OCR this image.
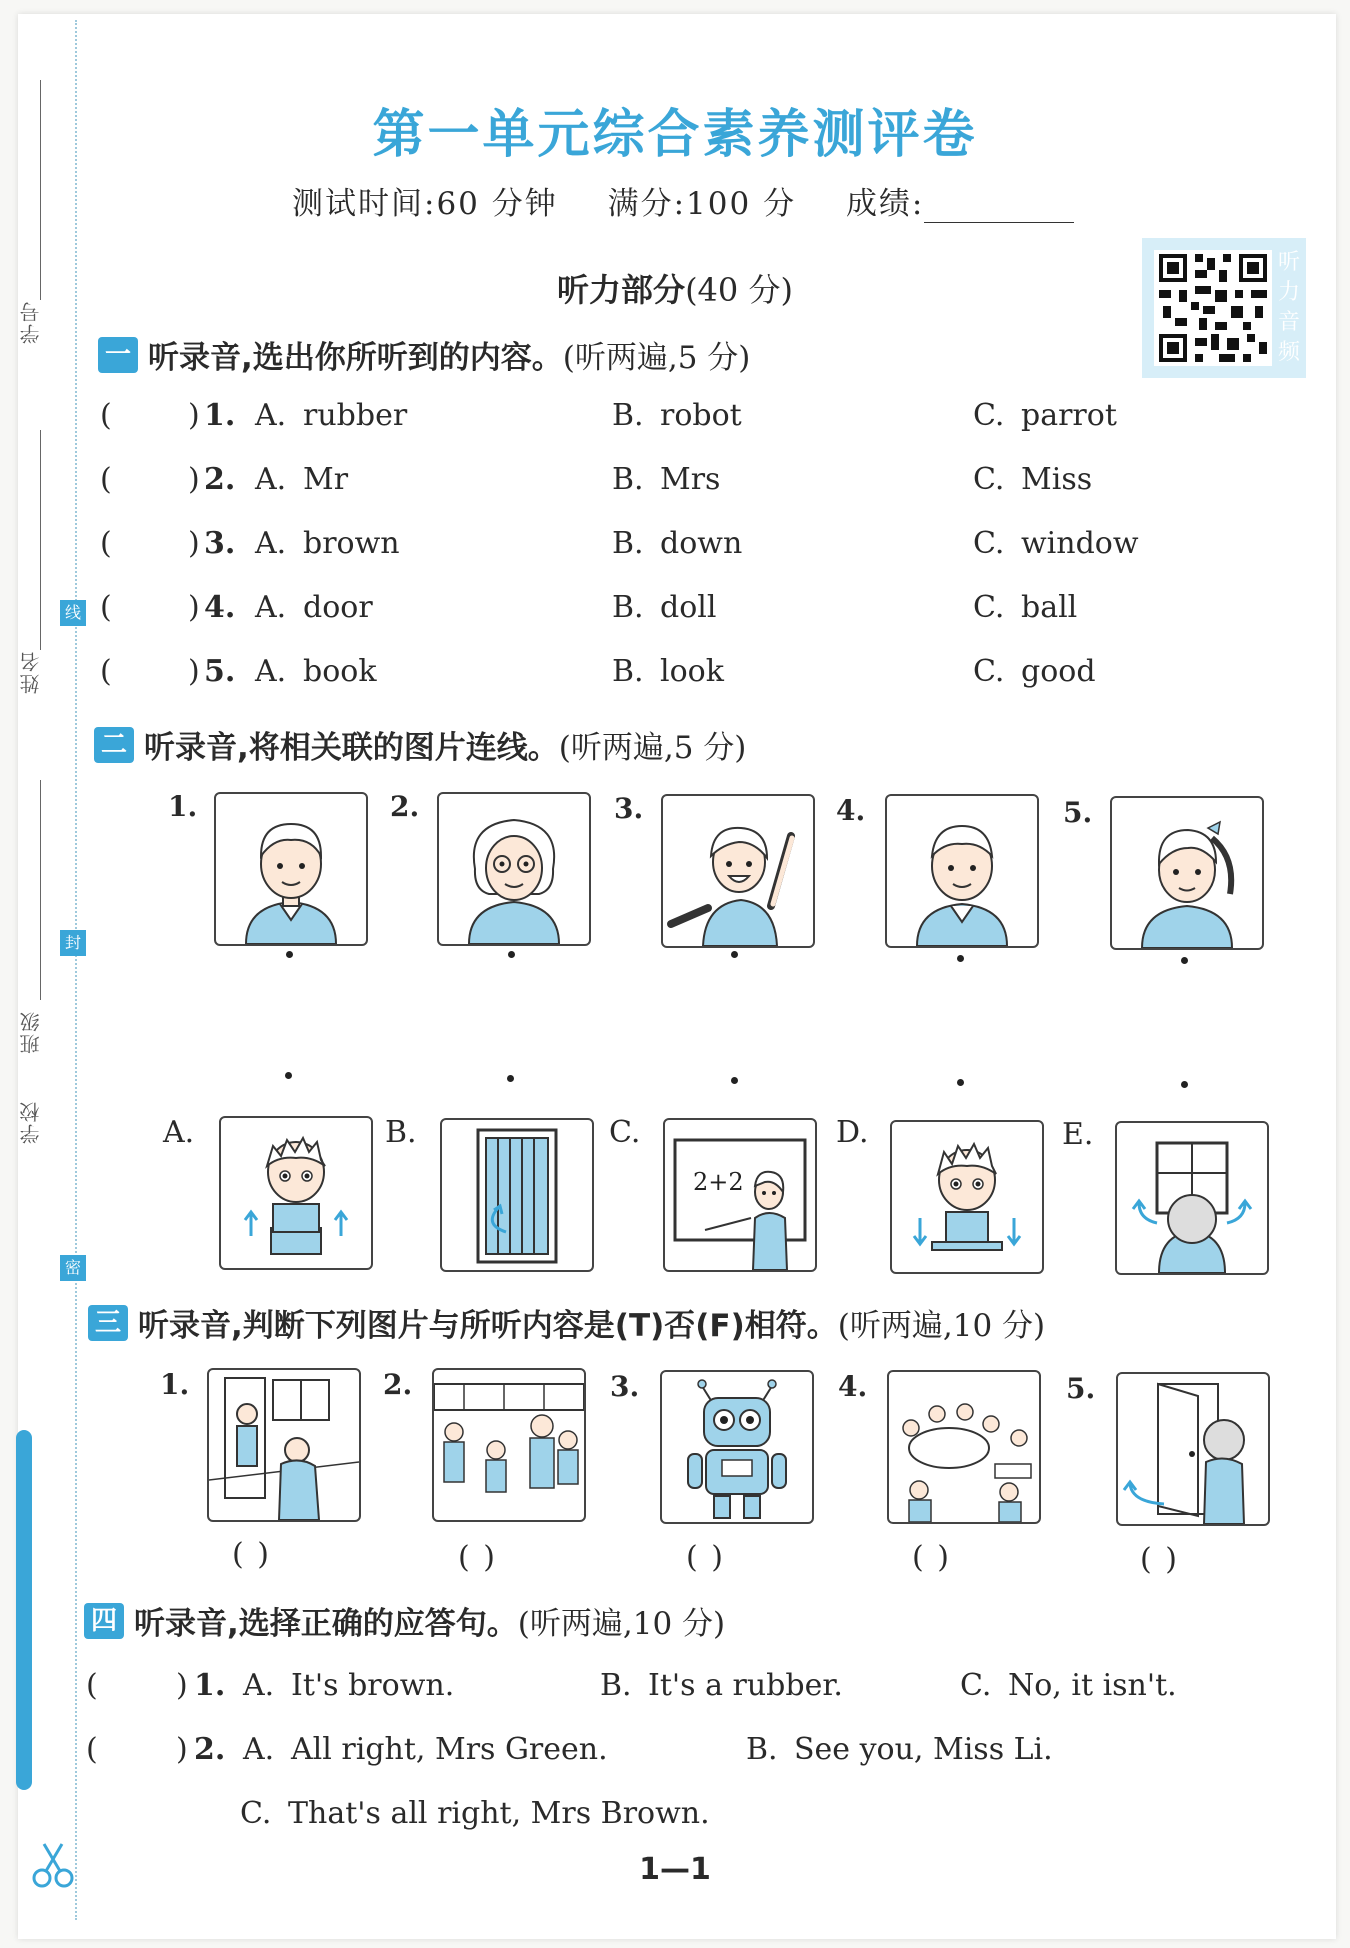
学号
姓名
班级
学校
线
封
密
第一单元综合素养测评卷
测试时间:60 分钟 满分:100 分 成绩:
听
力
音
频
听力部分(40 分)
一 听录音,选出你所听到的内容。(听两遍,5 分)
(	) 1. A. rubber	B. robot	C. parrot
(	) 2. A. Mr	B. Mrs	C. Miss
(	) 3. A. brown	B. down	C. window
(	) 4. A. door	B. doll	C. ball
(	) 5. A. book	B. look	C. good
二 听录音,将相关联的图片连线。(听两遍,5 分)
1.	2.	3.	4.	5.
A.	B.	C.
2+2
D.	E.
三 听录音,判断下列图片与所听内容是(T)否(F)相符。(听两遍,10 分)
1.	2.	3.	4.	5.
( )	( )	( )	( )	( )
四 听录音,选择正确的应答句。(听两遍,10 分)
(	) 1. A. It's brown.	B. It's a rubber.	C. No, it isn't.
(	) 2. A. All right, Mrs Green.	B. See you, Miss Li.
C. That's all right, Mrs Brown.
1—1
